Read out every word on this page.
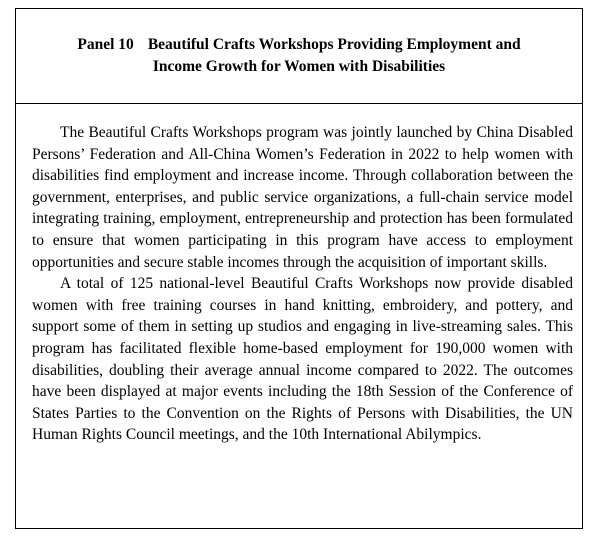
Panel 10 Beautiful Crafts Workshops Providing Employment and
Income Growth for Women with Disabilities

The Beautiful Crafts Workshops program was jointly launched by China Disabled Persons’ Federation and All-China Women’s Federation in 2022 to help women with disabilities find employment and increase income. Through collaboration between the government, enterprises, and public service organizations, a full-chain service model integrating training, employment, entrepreneurship and protection has been formulated to ensure that women participating in this program have access to employment opportunities and secure stable incomes through the acquisition of important skills.

A total of 125 national-level Beautiful Crafts Workshops now provide disabled women with free training courses in hand knitting, embroidery, and pottery, and support some of them in setting up studios and engaging in live-streaming sales. This program has facilitated flexible home-based employment for 190,000 women with disabilities, doubling their average annual income compared to 2022. The outcomes have been displayed at major events including the 18th Session of the Conference of States Parties to the Convention on the Rights of Persons with Disabilities, the UN Human Rights Council meetings, and the 10th International Abilympics.
